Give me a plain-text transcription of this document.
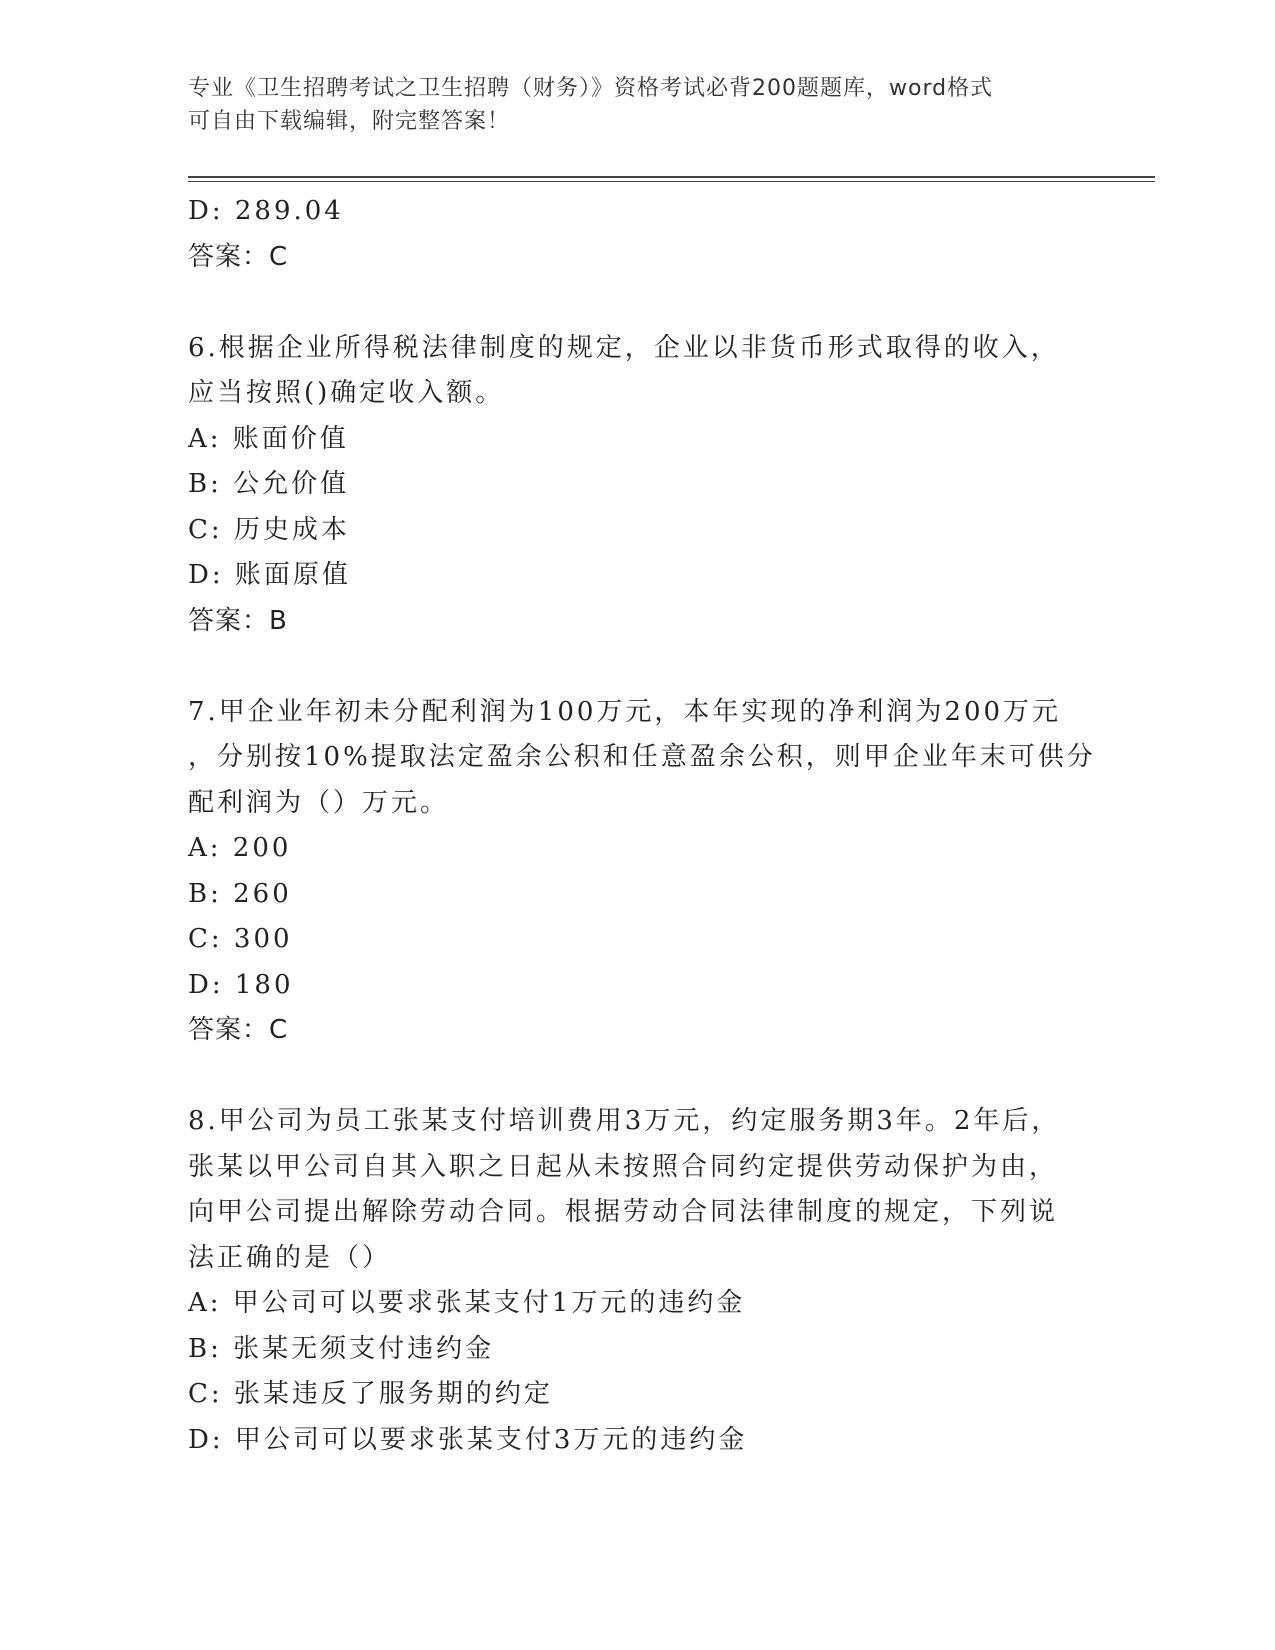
专业《卫生招聘考试之卫生招聘（财务）》资格考试必背200题题库，word格式
可自由下载编辑，附完整答案！
D: 289.04
答案：C
6.根据企业所得税法律制度的规定，企业以非货币形式取得的收入，
应当按照()确定收入额。
A: 账面价值
B: 公允价值
C: 历史成本
D: 账面原值
答案：B
7.甲企业年初未分配利润为100万元，本年实现的净利润为200万元
，分别按10%提取法定盈余公积和任意盈余公积，则甲企业年末可供分
配利润为（）万元。
A: 200
B: 260
C: 300
D: 180
答案：C
8.甲公司为员工张某支付培训费用3万元，约定服务期3年。2年后，
张某以甲公司自其入职之日起从未按照合同约定提供劳动保护为由，
向甲公司提出解除劳动合同。根据劳动合同法律制度的规定，下列说
法正确的是（）
A: 甲公司可以要求张某支付1万元的违约金
B: 张某无须支付违约金
C: 张某违反了服务期的约定
D: 甲公司可以要求张某支付3万元的违约金
